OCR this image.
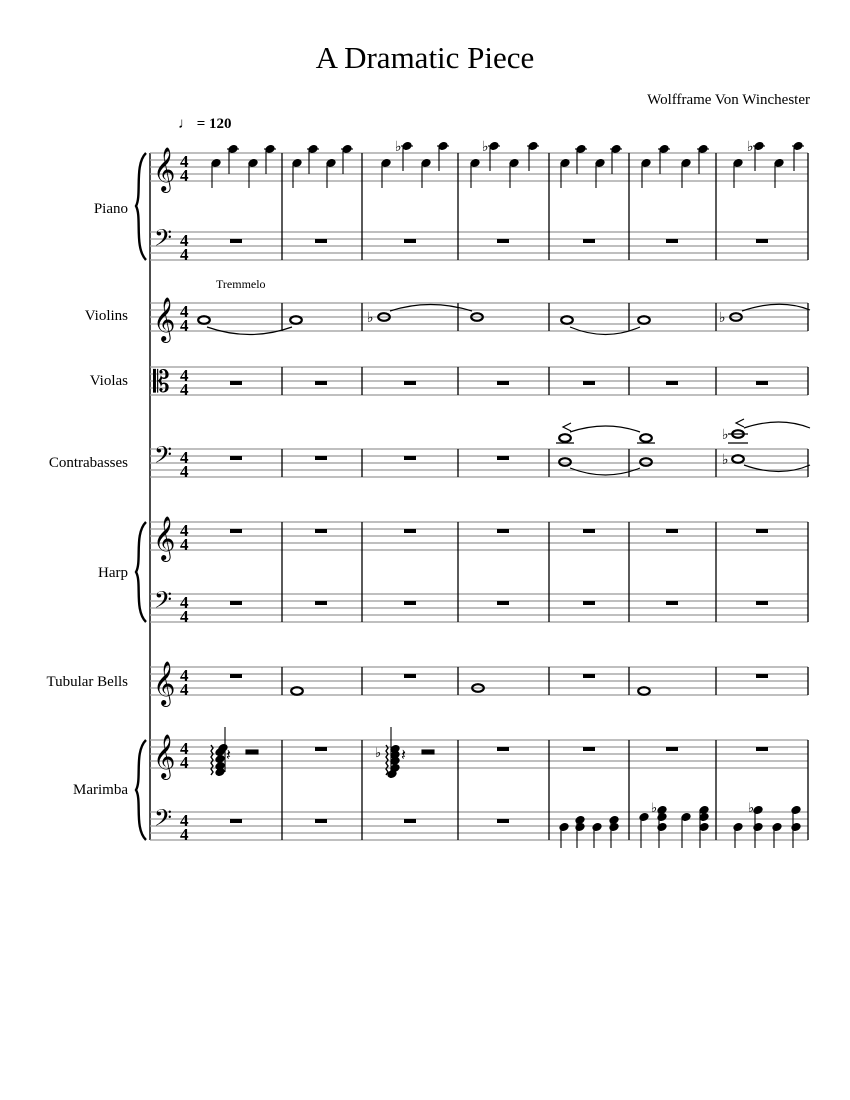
A Dramatic Piece
Wolfframe Von Winchester
♩ = 120
Piano
Violins
Violas
Contrabasses
Harp
Tubular Bells
Marimba
Tremmelo
𝄞
𝄢
𝄞
𝄡
𝄢
𝄞
𝄢
𝄞
𝄞
𝄢
4
4
4
4
4
4
4
4
4
4
4
4
4
4
4
4
4
4
4
4
♭	♭	♭
♭	♭
♭
♭
𝄽	𝄽
♭
♭	♭
